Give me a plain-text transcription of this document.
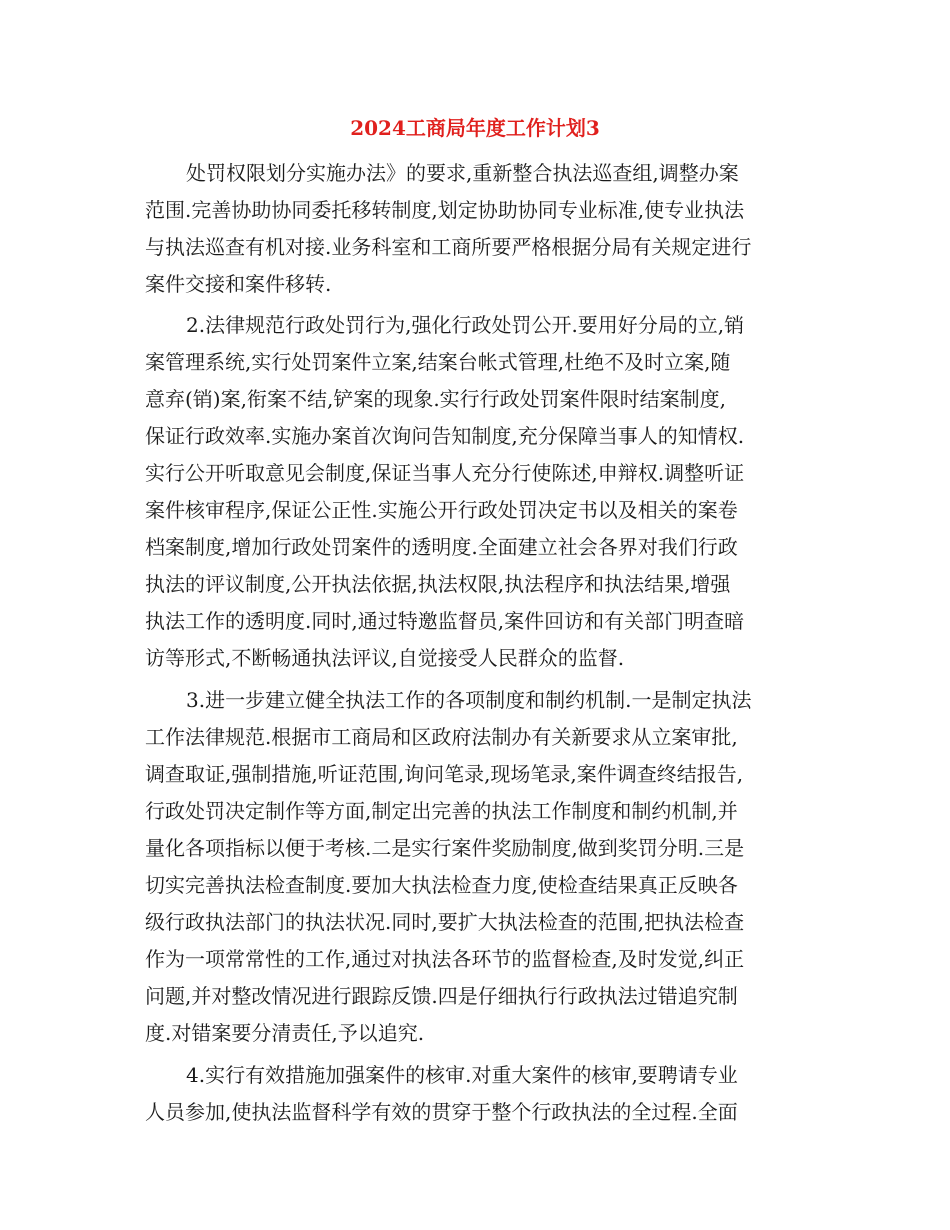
2024工商局年度工作计划3
处罚权限划分实施办法》的要求,重新整合执法巡查组,调整办案
范围.完善协助协同委托移转制度,划定协助协同专业标准,使专业执法
与执法巡查有机对接.业务科室和工商所要严格根据分局有关规定进行
案件交接和案件移转.
2.法律规范行政处罚行为,强化行政处罚公开.要用好分局的立,销
案管理系统,实行处罚案件立案,结案台帐式管理,杜绝不及时立案,随
意弃(销)案,衔案不结,铲案的现象.实行行政处罚案件限时结案制度,
保证行政效率.实施办案首次询问告知制度,充分保障当事人的知情权.
实行公开听取意见会制度,保证当事人充分行使陈述,申辩权.调整听证
案件核审程序,保证公正性.实施公开行政处罚决定书以及相关的案卷
档案制度,增加行政处罚案件的透明度.全面建立社会各界对我们行政
执法的评议制度,公开执法依据,执法权限,执法程序和执法结果,增强
执法工作的透明度.同时,通过特邀监督员,案件回访和有关部门明查暗
访等形式,不断畅通执法评议,自觉接受人民群众的监督.
3.进一步建立健全执法工作的各项制度和制约机制.一是制定执法
工作法律规范.根据市工商局和区政府法制办有关新要求从立案审批,
调查取证,强制措施,听证范围,询问笔录,现场笔录,案件调查终结报告,
行政处罚决定制作等方面,制定出完善的执法工作制度和制约机制,并
量化各项指标以便于考核.二是实行案件奖励制度,做到奖罚分明.三是
切实完善执法检查制度.要加大执法检查力度,使检查结果真正反映各
级行政执法部门的执法状况.同时,要扩大执法检查的范围,把执法检查
作为一项常常性的工作,通过对执法各环节的监督检查,及时发觉,纠正
问题,并对整改情况进行跟踪反馈.四是仔细执行行政执法过错追究制
度.对错案要分清责任,予以追究.
4.实行有效措施加强案件的核审.对重大案件的核审,要聘请专业
人员参加,使执法监督科学有效的贯穿于整个行政执法的全过程.全面
